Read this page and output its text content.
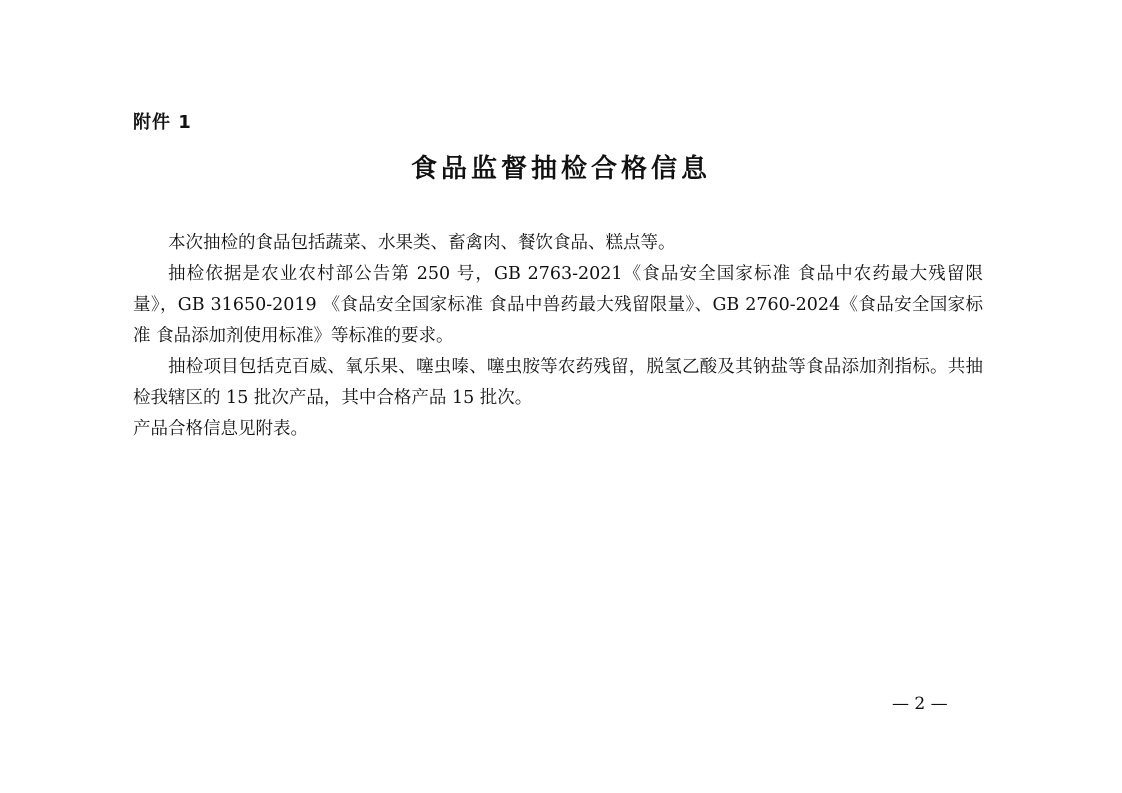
附件 1
食品监督抽检合格信息

本次抽检的食品包括蔬菜、水果类、畜禽肉、餐饮食品、糕点等。

抽检依据是农业农村部公告第 250 号，GB 2763-2021《食品安全国家标准 食品中农药最大残留限量》，GB 31650-2019 《食品安全国家标准 食品中兽药最大残留限量》、GB 2760-2024《食品安全国家标准 食品添加剂使用标准》等标准的要求。

抽检项目包括克百威、氧乐果、噻虫嗪、噻虫胺等农药残留，脱氢乙酸及其钠盐等食品添加剂指标。共抽检我辖区的 15 批次产品，其中合格产品 15 批次。

产品合格信息见附表。

— 2 —
